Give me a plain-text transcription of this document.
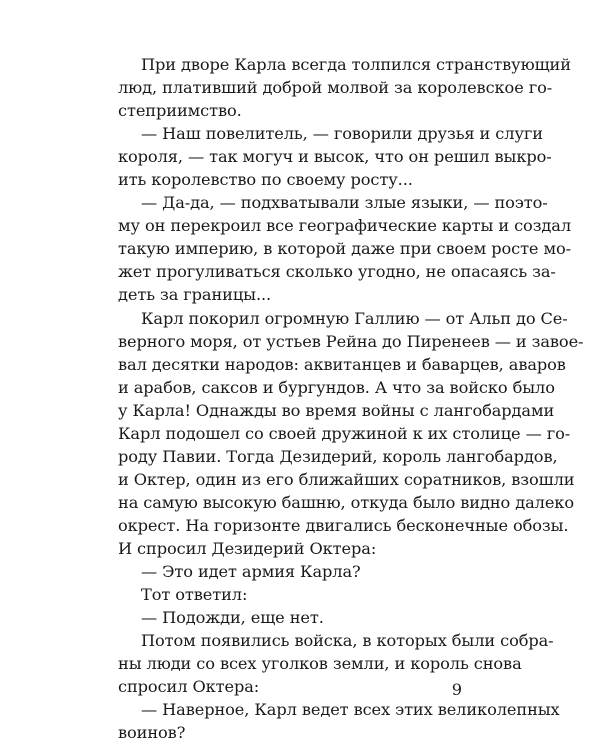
При дворе Карла всегда толпился странствующий
люд, плативший доброй молвой за королевское го-
степриимство.
— Наш повелитель, — говорили друзья и слуги
короля, — так могуч и высок, что он решил выкро-
ить королевство по своему росту...
— Да-да, — подхватывали злые языки, — поэто-
му он перекроил все географические карты и создал
такую империю, в которой даже при своем росте мо-
жет прогуливаться сколько угодно, не опасаясь за-
деть за границы...
Карл покорил огромную Галлию — от Альп до Се-
верного моря, от устьев Рейна до Пиренеев — и завое-
вал десятки народов: аквитанцев и баварцев, аваров
и арабов, саксов и бургундов. А что за войско было
у Карла! Однажды во время войны с лангобардами
Карл подошел со своей дружиной к их столице — го-
роду Павии. Тогда Дезидерий, король лангобардов,
и Октер, один из его ближайших соратников, взошли
на самую высокую башню, откуда было видно далеко
окрест. На горизонте двигались бесконечные обозы.
И спросил Дезидерий Октера:
— Это идет армия Карла?
Тот ответил:
— Подожди, еще нет.
Потом появились войска, в которых были собра-
ны люди со всех уголков земли, и король снова
спросил Октера:
— Наверное, Карл ведет всех этих великолепных
воинов?
9
